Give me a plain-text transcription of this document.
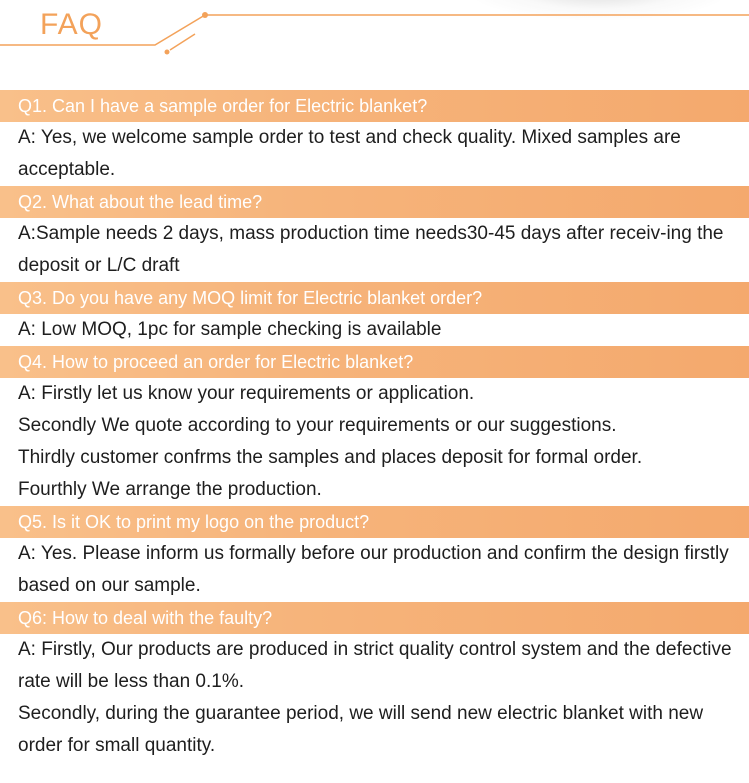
FAQ
Q1. Can I have a sample order for Electric blanket?

A: Yes, we welcome sample order to test and check quality. Mixed samples are acceptable.

Q2. What about the lead time?

A:Sample needs 2 days, mass production time needs30-45 days after receiv-ing the deposit or L/C draft

Q3. Do you have any MOQ limit for Electric blanket order?

A: Low MOQ, 1pc for sample checking is available

Q4. How to proceed an order for Electric blanket?

A: Firstly let us know your requirements or application.

Secondly We quote according to your requirements or our suggestions.

Thirdly customer confrms the samples and places deposit for formal order.

Fourthly We arrange the production.

Q5. Is it OK to print my logo on the product?

A: Yes. Please inform us formally before our production and confirm the design firstly based on our sample.

Q6: How to deal with the faulty?

A: Firstly, Our products are produced in strict quality control system and the defective rate will be less than 0.1%.

Secondly, during the guarantee period, we will send new electric blanket with new order for small quantity.
